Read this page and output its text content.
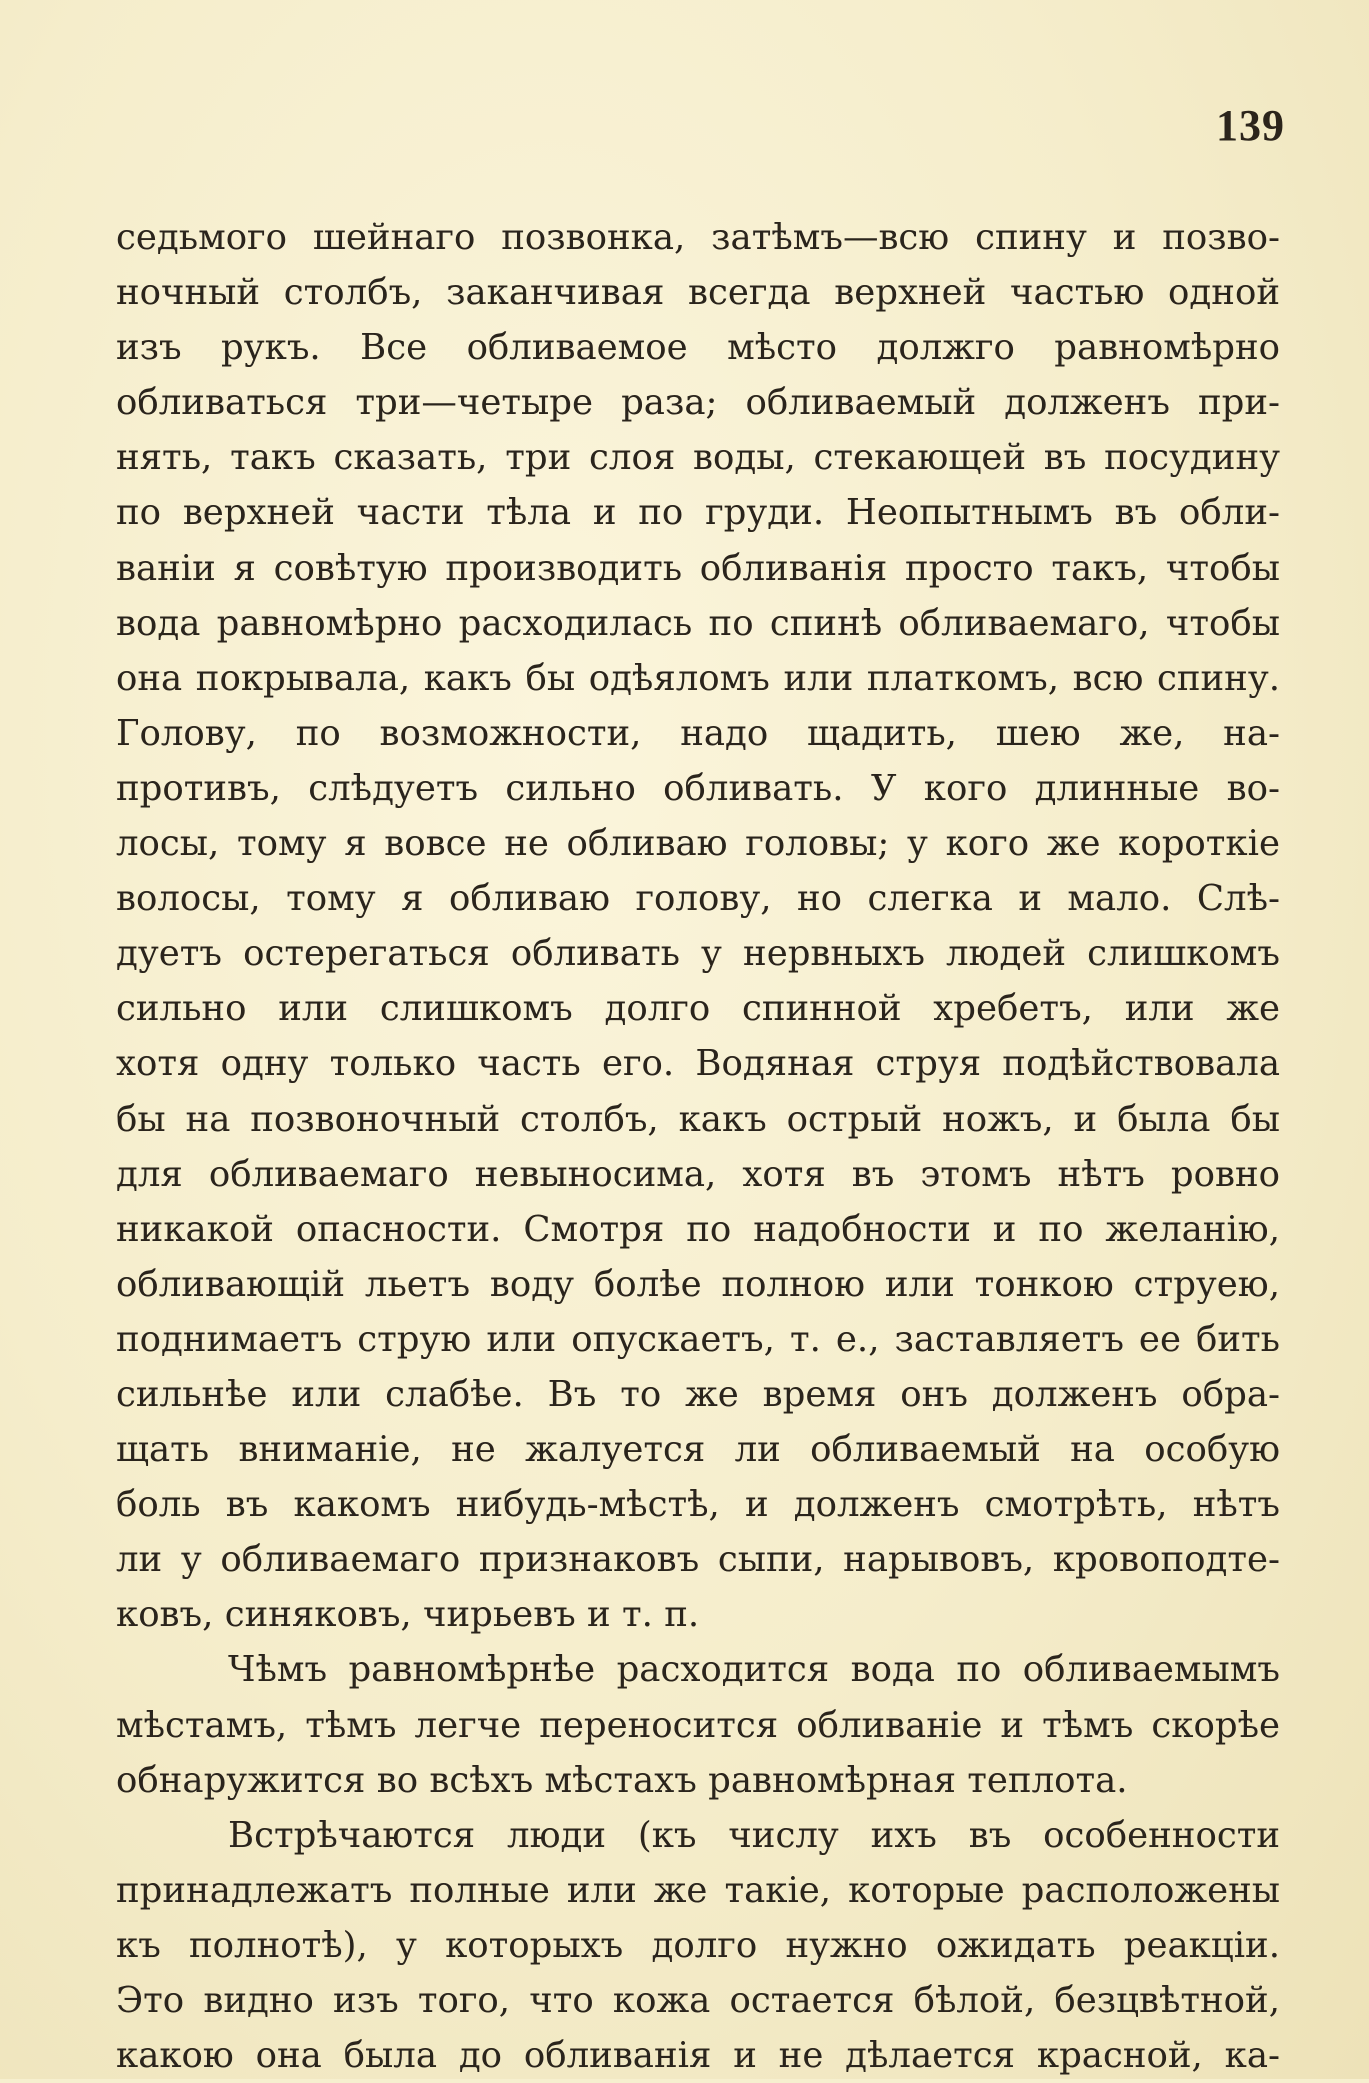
139
седьмого шейнаго позвонка, затѣмъ—всю спину и позво-
ночный столбъ, заканчивая всегда верхней частью одной
изъ рукъ. Все обливаемое мѣсто должго равномѣрно
обливаться три—четыре раза; обливаемый долженъ при-
нять, такъ сказать, три слоя воды, стекающей въ посудину
по верхней части тѣла и по груди. Неопытнымъ въ обли-
ваніи я совѣтую производить обливанія просто такъ, чтобы
вода равномѣрно расходилась по спинѣ обливаемаго, чтобы
она покрывала, какъ бы одѣяломъ или платкомъ, всю спину.
Голову, по возможности, надо щадить, шею же, на-
противъ, слѣдуетъ сильно обливать. У кого длинные во-
лосы, тому я вовсе не обливаю головы; у кого же короткіе
волосы, тому я обливаю голову, но слегка и мало. Слѣ-
дуетъ остерегаться обливать у нервныхъ людей слишкомъ
сильно или слишкомъ долго спинной хребетъ, или же
хотя одну только часть его. Водяная струя подѣйствовала
бы на позвоночный столбъ, какъ острый ножъ, и была бы
для обливаемаго невыносима, хотя въ этомъ нѣтъ ровно
никакой опасности. Смотря по надобности и по желанію,
обливающій льетъ воду болѣе полною или тонкою струею,
поднимаетъ струю или опускаетъ, т. е., заставляетъ ее бить
сильнѣе или слабѣе. Въ то же время онъ долженъ обра-
щать вниманіе, не жалуется ли обливаемый на особую
боль въ какомъ нибудь-мѣстѣ, и долженъ смотрѣть, нѣтъ
ли у обливаемаго признаковъ сыпи, нарывовъ, кровоподте-
ковъ, синяковъ, чирьевъ и т. п.
Чѣмъ равномѣрнѣе расходится вода по обливаемымъ
мѣстамъ, тѣмъ легче переносится обливаніе и тѣмъ скорѣе
обнаружится во всѣхъ мѣстахъ равномѣрная теплота.
Встрѣчаются люди (къ числу ихъ въ особенности
принадлежатъ полные или же такіе, которые расположены
къ полнотѣ), у которыхъ долго нужно ожидать реакціи.
Это видно изъ того, что кожа остается бѣлой, безцвѣтной,
какою она была до обливанія и не дѣлается красной, ка-
